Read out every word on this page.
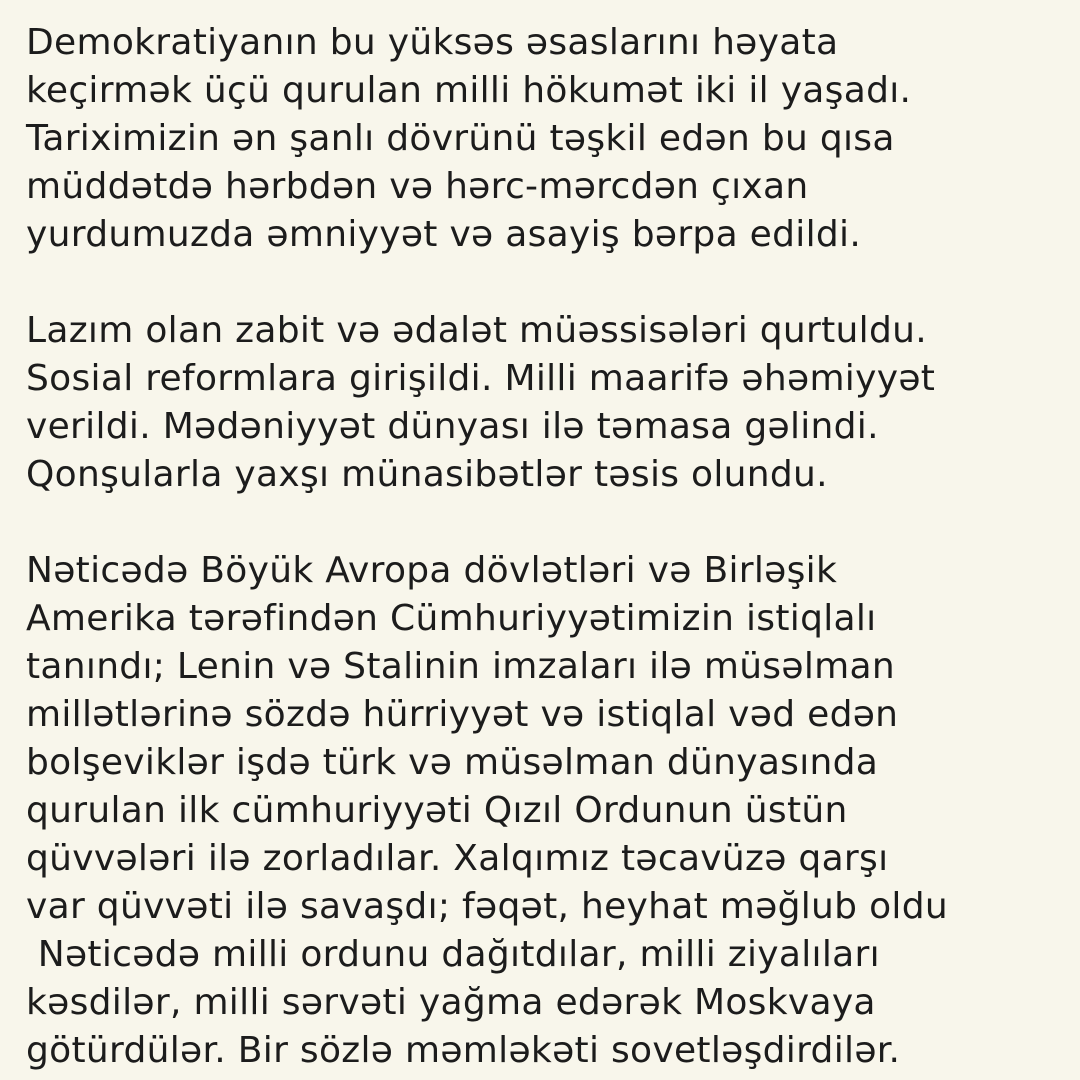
Demokratiyanın bu yüksəs əsaslarını həyata

keçirmək üçü qurulan milli hökumət iki il yaşadı.

Tariximizin ən şanlı dövrünü təşkil edən bu qısa

müddətdə hərbdən və hərc-mərcdən çıxan

yurdumuzda əmniyyət və asayiş bərpa edildi.

Lazım olan zabit və ədalət müəssisələri qurtuldu.

Sosial reformlara girişildi. Milli maarifə əhəmiyyət

verildi. Mədəniyyət dünyası ilə təmasa gəlindi.

Qonşularla yaxşı münasibətlər təsis olundu.

Nəticədə Böyük Avropa dövlətləri və Birləşik

Amerika tərəfindən Cümhuriyyətimizin istiqlalı

tanındı; Lenin və Stalinin imzaları ilə müsəlman

millətlərinə sözdə hürriyyət və istiqlal vəd edən

bolşeviklər işdə türk və müsəlman dünyasında

qurulan ilk cümhuriyyəti Qızıl Ordunun üstün

qüvvələri ilə zorladılar. Xalqımız təcavüzə qarşı

var qüvvəti ilə savaşdı; fəqət, heyhat məğlub oldu

Nəticədə milli ordunu dağıtdılar, milli ziyalıları

kəsdilər, milli sərvəti yağma edərək Moskvaya

götürdülər. Bir sözlə məmləkəti sovetləşdirdilər.
